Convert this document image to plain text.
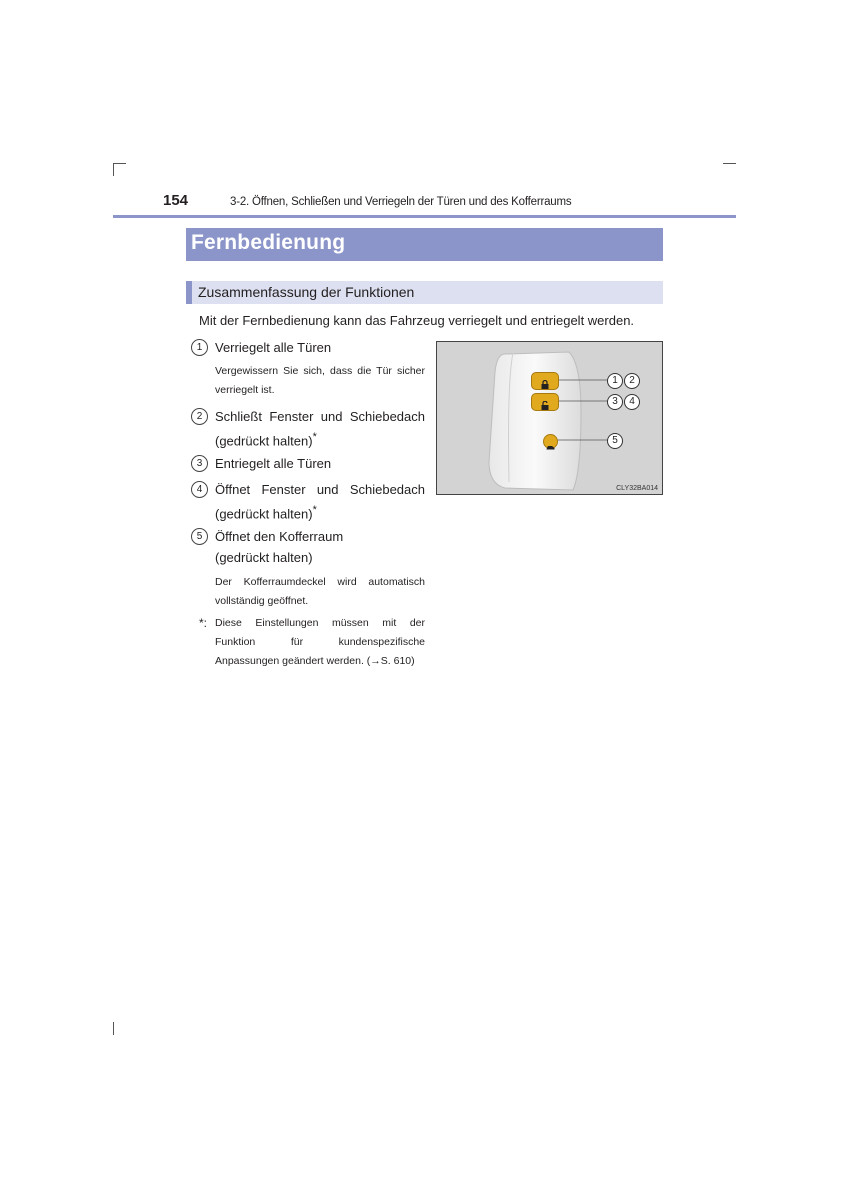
154	3-2. Öffnen, Schließen und Verriegeln der Türen und des Kofferraums
Fernbedienung
Zusammenfassung der Funktionen
Mit der Fernbedienung kann das Fahrzeug verriegelt und entriegelt werden.
1 Verriegelt alle Türen
Vergewissern Sie sich, dass die Tür sicher
verriegelt ist.
2 Schließt Fenster und Schiebedach
(gedrückt halten)*
3 Entriegelt alle Türen
4 Öffnet Fenster und Schiebedach
(gedrückt halten)*
5 Öffnet den Kofferraum
(gedrückt halten)
Der Kofferraumdeckel wird automatisch
vollständig geöffnet.
*: Diese Einstellungen müssen mit der Funktion für kundenspezifische Anpassungen geändert werden. (→S. 610)
1	2
3	4
5
CLY32BA014
